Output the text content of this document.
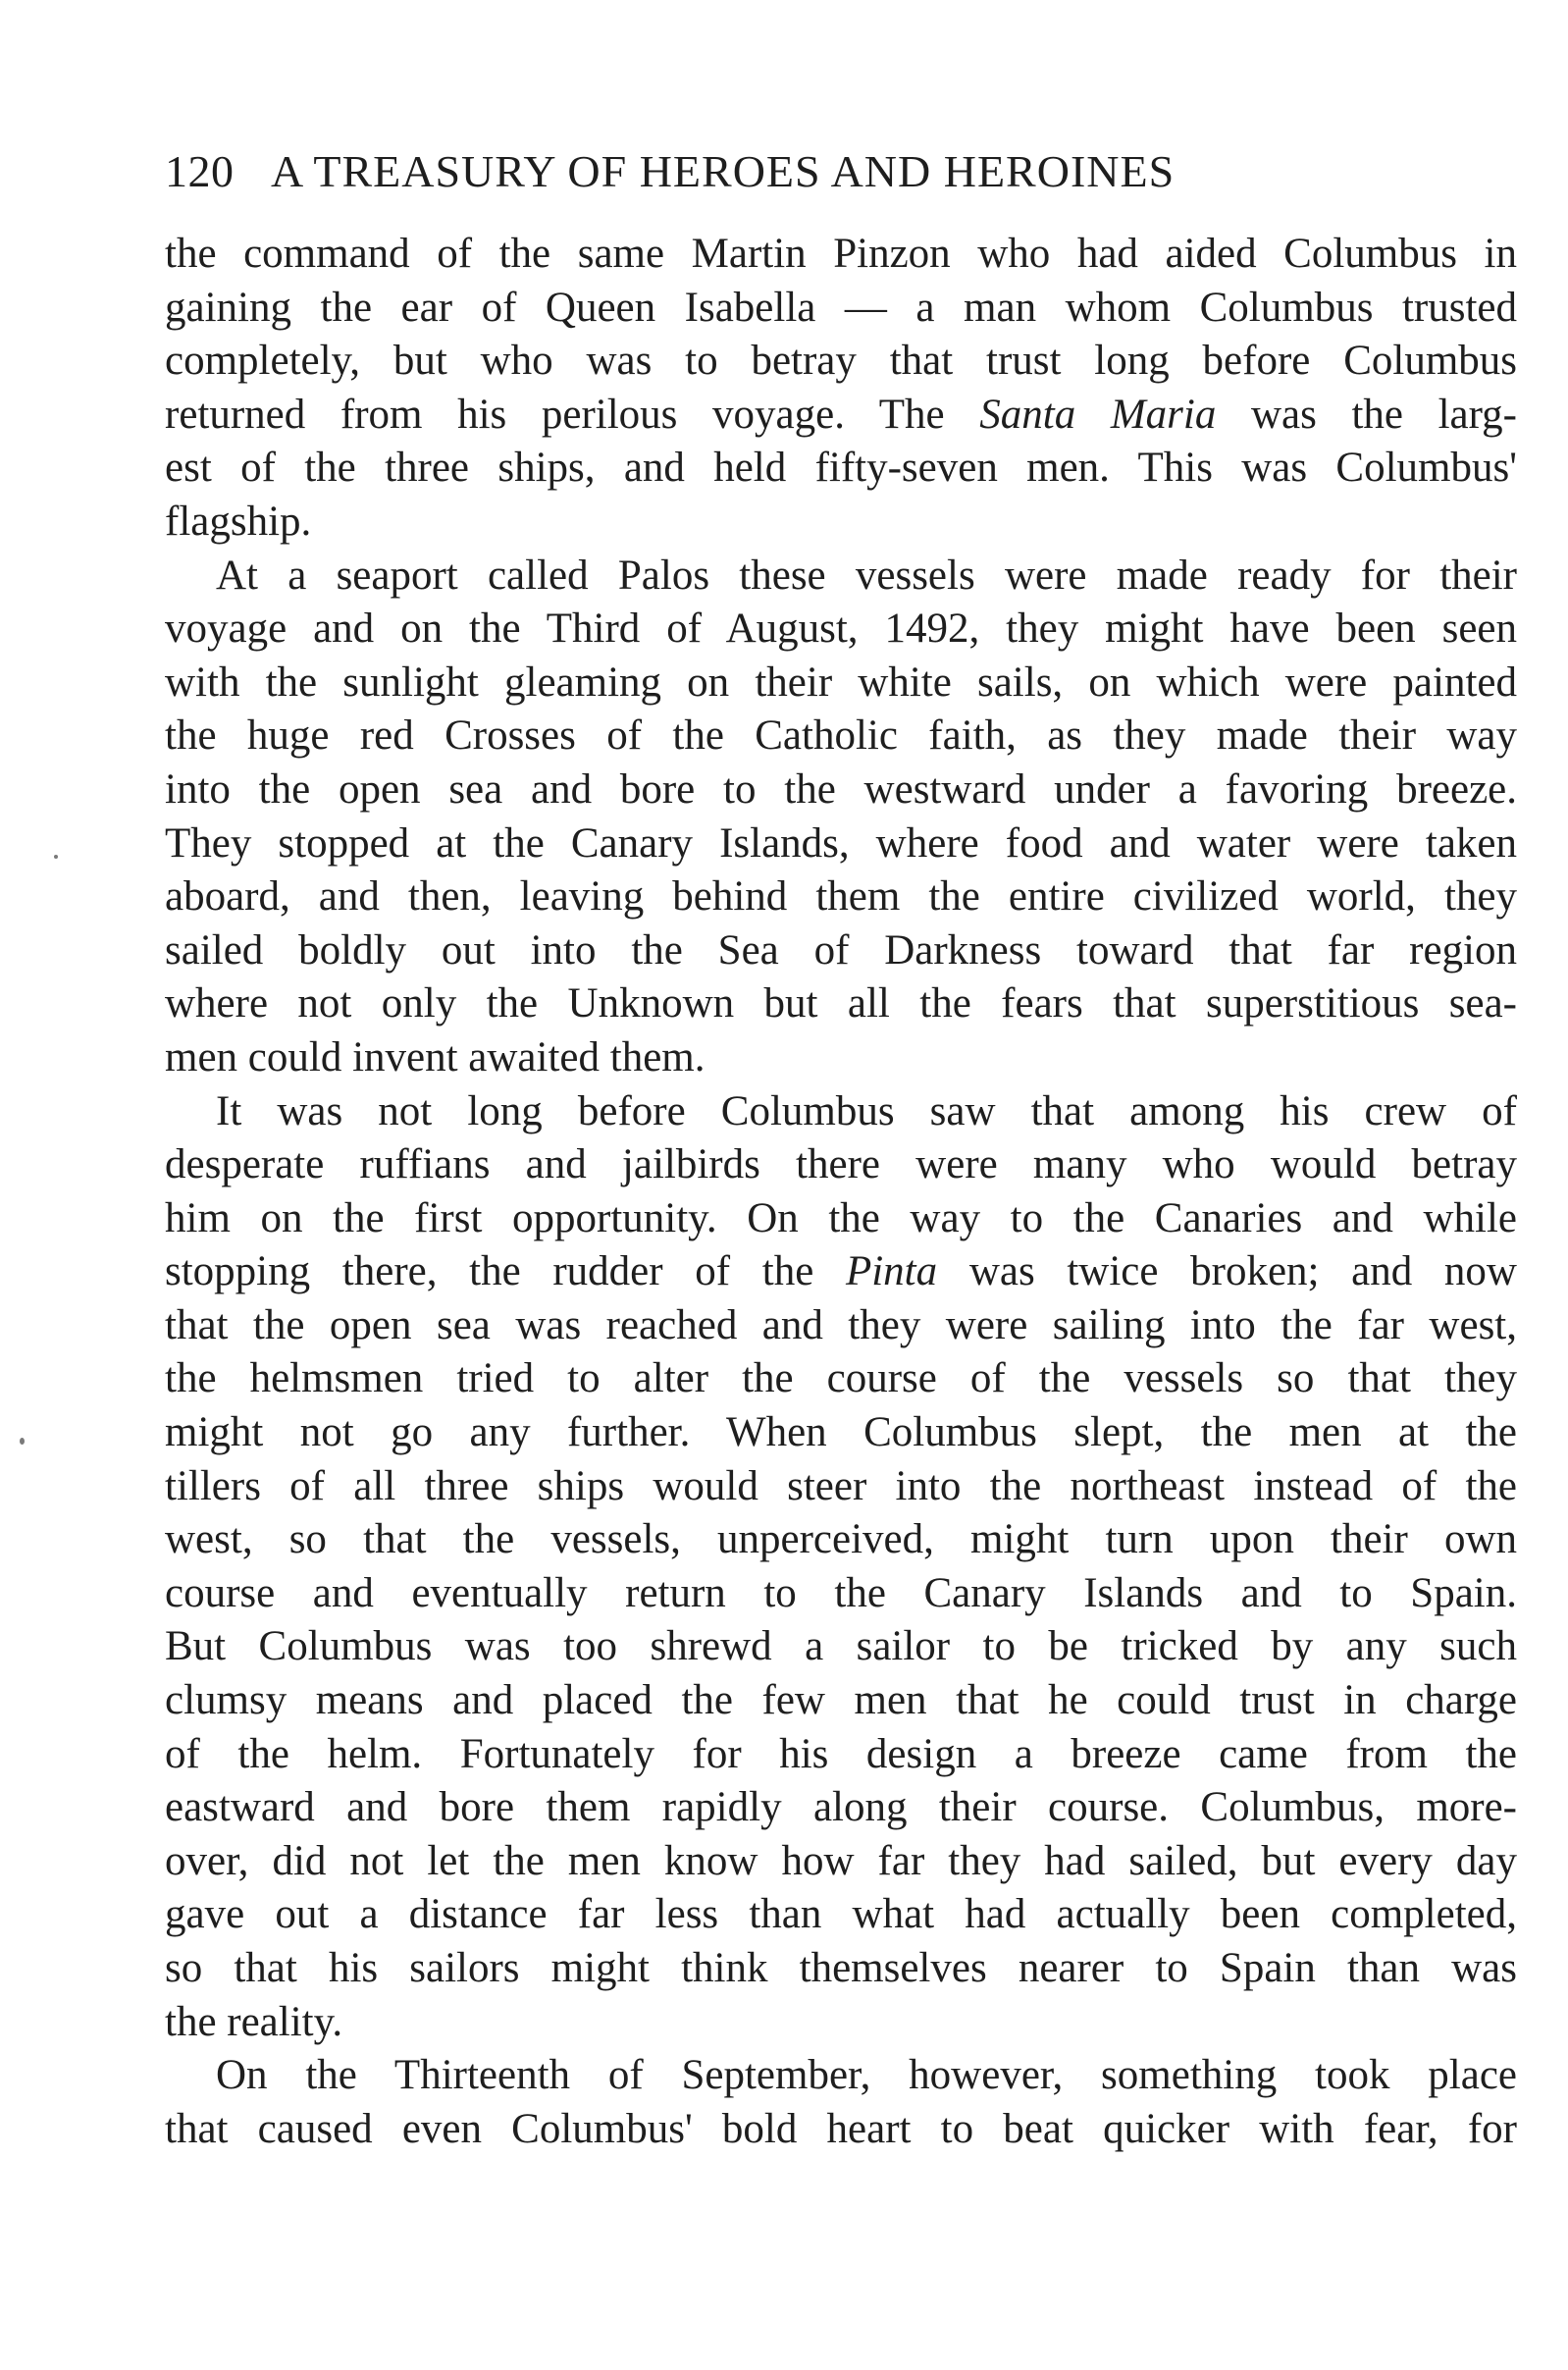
120 A TREASURY OF HEROES AND HEROINES
the command of the same Martin Pinzon who had aided Columbus in
gaining the ear of Queen Isabella — a man whom Columbus trusted
completely, but who was to betray that trust long before Columbus
returned from his perilous voyage. The Santa Maria was the larg-
est of the three ships, and held fifty-seven men. This was Columbus'
flagship.
At a seaport called Palos these vessels were made ready for their
voyage and on the Third of August, 1492, they might have been seen
with the sunlight gleaming on their white sails, on which were painted
the huge red Crosses of the Catholic faith, as they made their way
into the open sea and bore to the westward under a favoring breeze.
They stopped at the Canary Islands, where food and water were taken
aboard, and then, leaving behind them the entire civilized world, they
sailed boldly out into the Sea of Darkness toward that far region
where not only the Unknown but all the fears that superstitious sea-
men could invent awaited them.
It was not long before Columbus saw that among his crew of
desperate ruffians and jailbirds there were many who would betray
him on the first opportunity. On the way to the Canaries and while
stopping there, the rudder of the Pinta was twice broken; and now
that the open sea was reached and they were sailing into the far west,
the helmsmen tried to alter the course of the vessels so that they
might not go any further. When Columbus slept, the men at the
tillers of all three ships would steer into the northeast instead of the
west, so that the vessels, unperceived, might turn upon their own
course and eventually return to the Canary Islands and to Spain.
But Columbus was too shrewd a sailor to be tricked by any such
clumsy means and placed the few men that he could trust in charge
of the helm. Fortunately for his design a breeze came from the
eastward and bore them rapidly along their course. Columbus, more-
over, did not let the men know how far they had sailed, but every day
gave out a distance far less than what had actually been completed,
so that his sailors might think themselves nearer to Spain than was
the reality.
On the Thirteenth of September, however, something took place
that caused even Columbus' bold heart to beat quicker with fear, for
